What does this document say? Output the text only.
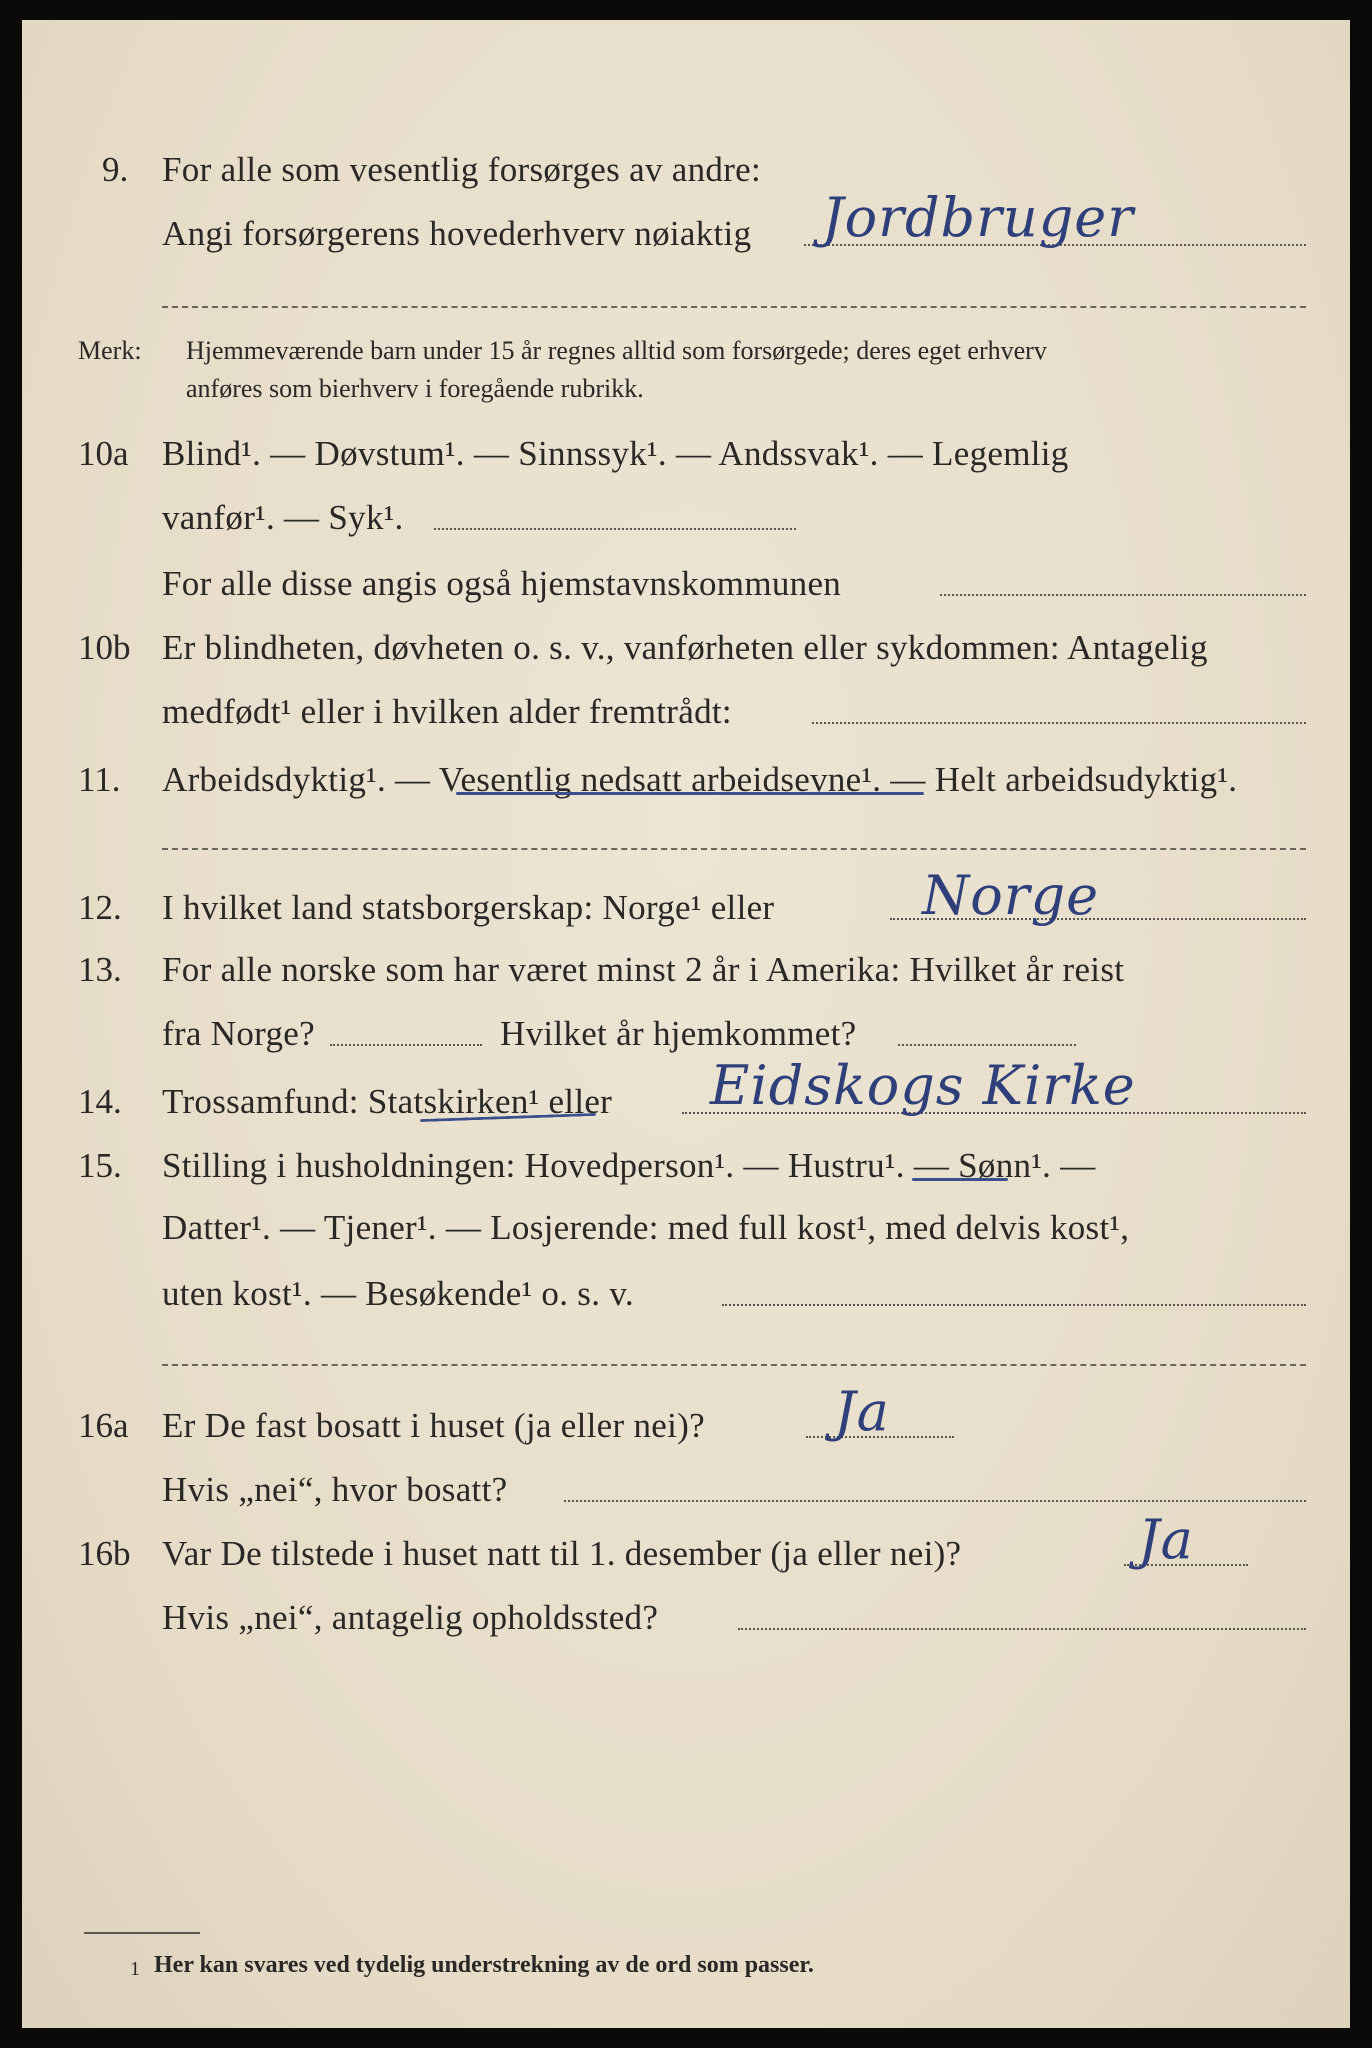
9. For alle som vesentlig forsørges av andre:
Angi forsørgerens hovederhverv nøiaktig Jordbruger
Merk: Hjemmeværende barn under 15 år regnes alltid som forsørgede; deres eget erhverv
anføres som bierhverv i foregående rubrikk.
10a Blind¹. — Døvstum¹. — Sinnssyk¹. — Andssvak¹. — Legemlig
vanfør¹. — Syk¹.
For alle disse angis også hjemstavnskommunen
10b Er blindheten, døvheten o. s. v., vanførheten eller sykdommen: Antagelig
medfødt¹ eller i hvilken alder fremtrådt:
11. Arbeidsdyktig¹. — Vesentlig nedsatt arbeidsevne¹. — Helt arbeidsudyktig¹.
12. I hvilket land statsborgerskap: Norge¹ eller	Norge
13. For alle norske som har været minst 2 år i Amerika: Hvilket år reist
fra Norge?	Hvilket år hjemkommet?
14. Trossamfund: Statskirken¹ eller Eidskogs Kirke
15. Stilling i husholdningen: Hovedperson¹. — Hustru¹. — Sønn¹. —
Datter¹. — Tjener¹. — Losjerende: med full kost¹, med delvis kost¹,
uten kost¹. — Besøkende¹ o. s. v.
16a Er De fast bosatt i huset (ja eller nei)? Ja
Hvis „nei“, hvor bosatt?
16b Var De tilstede i huset natt til 1. desember (ja eller nei)?	Ja
Hvis „nei“, antagelig opholdssted?
1 Her kan svares ved tydelig understrekning av de ord som passer.
